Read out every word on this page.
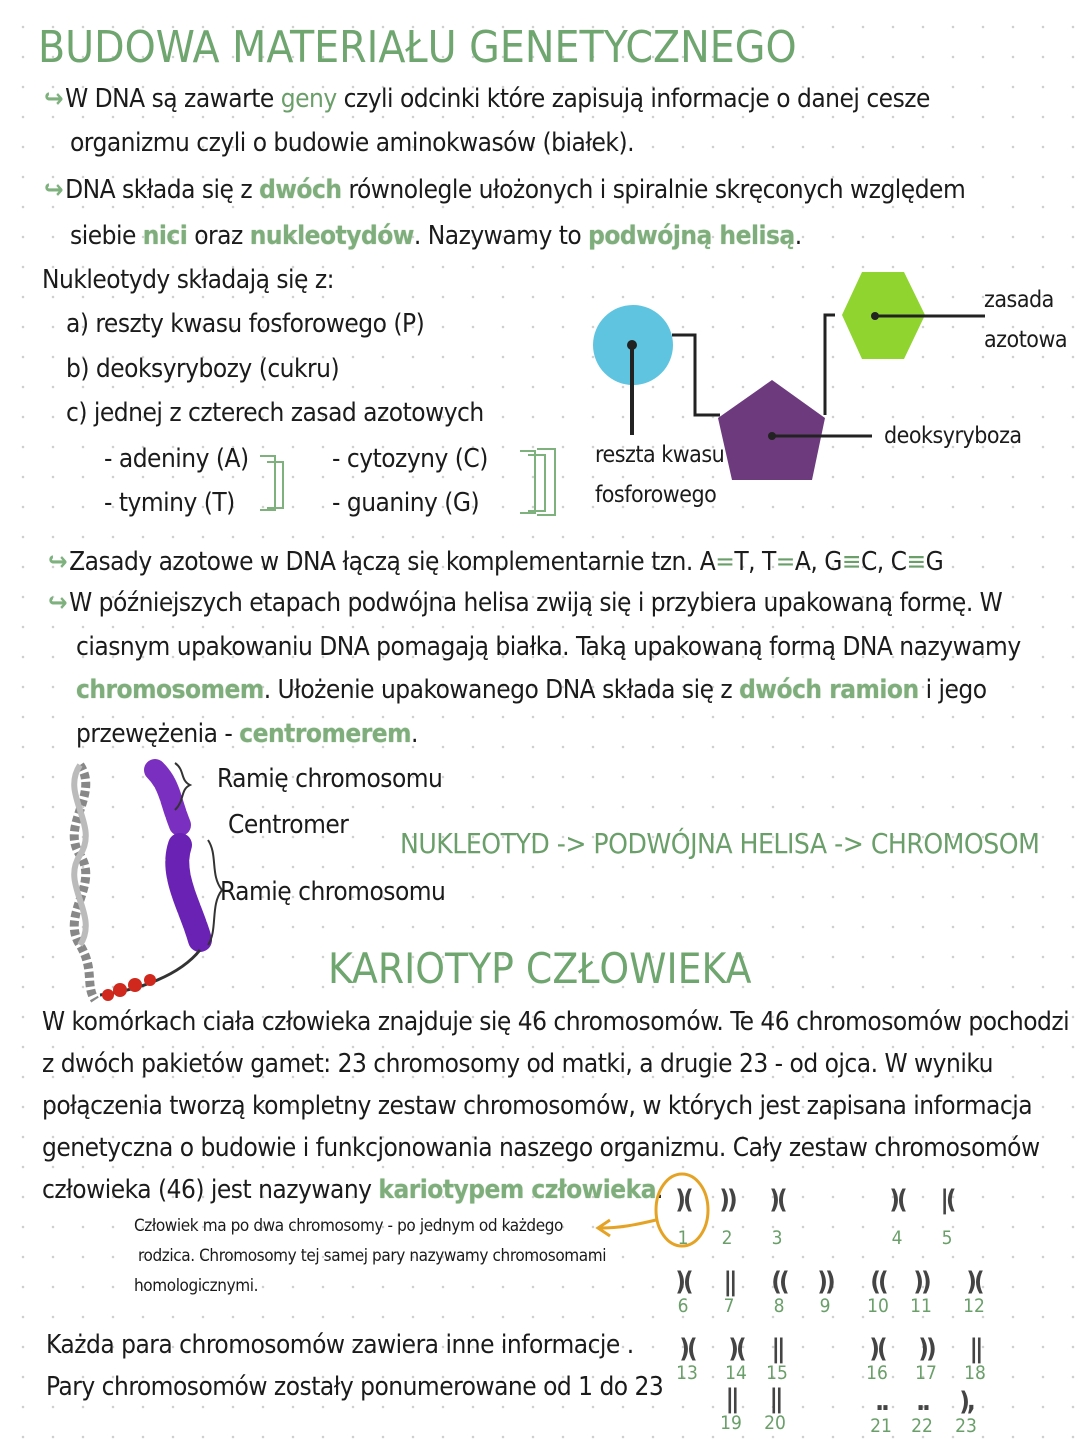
BUDOWA MATERIAŁU GENETYCZNEGO
↪W DNA są zawarte geny czyli odcinki które zapisują informacje o danej cesze
organizmu czyli o budowie aminokwasów (białek).
↪DNA składa się z dwóch równolegle ułożonych i spiralnie skręconych względem
siebie nici oraz nukleotydów. Nazywamy to podwójną helisą.
Nukleotydy składają się z:
a) reszty kwasu fosforowego (P)
b) deoksyrybozy (cukru)
c) jednej z czterech zasad azotowych
- adeniny (A)	- cytozyny (C)
- tyminy (T)	- guaniny (G)
↪Zasady azotowe w DNA łączą się komplementarnie tzn. A=T, T=A, G≡C, C≡G
↪W późniejszych etapach podwójna helisa zwiją się i przybiera upakowaną formę. W
ciasnym upakowaniu DNA pomagają białka. Taką upakowaną formą DNA nazywamy
chromosomem. Ułożenie upakowanego DNA składa się z dwóch ramion i jego
przewężenia - centromerem.
W komórkach ciała człowieka znajduje się 46 chromosomów. Te 46 chromosomów pochodzi
z dwóch pakietów gamet: 23 chromosomy od matki, a drugie 23 - od ojca. W wyniku
połączenia tworzą kompletny zestaw chromosomów, w których jest zapisana informacja
genetyczna o budowie i funkcjonowania naszego organizmu. Cały zestaw chromosomów
człowieka (46) jest nazywany kariotypem człowieka.
Każda para chromosomów zawiera inne informacje .
Pary chromosomów zostały ponumerowane od 1 do 23
reszta kwasu
fosforowego
deoksyryboza
zasada
azotowa
Ramię chromosomu
Centromer
Ramię chromosomu
NUKLEOTYD -> PODWÓJNA HELISA -> CHROMOSOM
KARIOTYP CZŁOWIEKA
Człowiek ma po dwa chromosomy - po jednym od każdego
rodzica. Chromosomy tej samej pary nazywamy chromosomami
homologicznymi.
)(
1
))
2
)(
3
)(
4
|(
5
)(
6
||
7
((
8
))
9
((
10
))
11
)(
12
)(
13
)(
14
||
15
)(
16
))
17
||
18
||
19
||
20
..
21
..
22
),
23
